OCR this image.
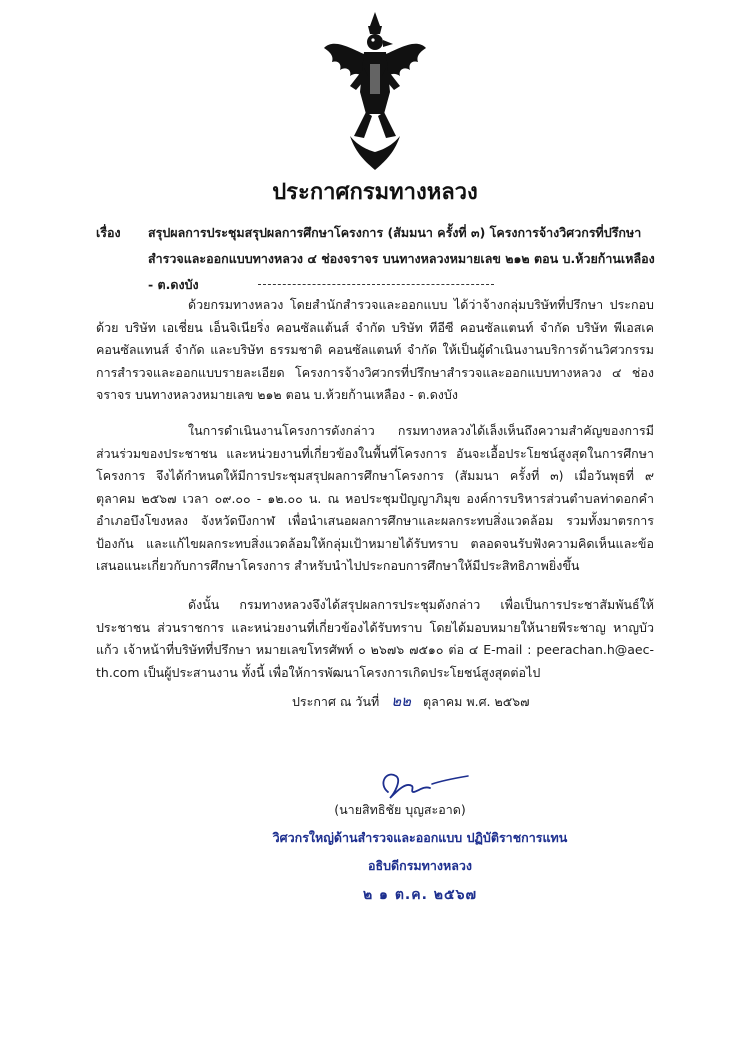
ประกาศกรมทางหลวง
เรื่อง	สรุปผลการประชุมสรุปผลการศึกษาโครงการ (สัมมนา ครั้งที่ ๓) โครงการจ้างวิศวกรที่ปรึกษาสำรวจและออกแบบทางหลวง ๔ ช่องจราจร บนทางหลวงหมายเลข ๒๑๒ ตอน บ.ห้วยก้านเหลือง - ต.ดงบัง

ด้วยกรมทางหลวง โดยสำนักสำรวจและออกแบบ ได้ว่าจ้างกลุ่มบริษัทที่ปรึกษา ประกอบด้วย บริษัท เอเชี่ยน เอ็นจิเนียริ่ง คอนซัลแต้นส์ จำกัด บริษัท ทีอีซี คอนซัลแตนท์ จำกัด บริษัท พีเอสเค คอนซัลแทนส์ จำกัด และบริษัท ธรรมชาติ คอนซัลแตนท์ จำกัด ให้เป็นผู้ดำเนินงานบริการด้านวิศวกรรมการสำรวจและออกแบบรายละเอียด โครงการจ้างวิศวกรที่ปรึกษาสำรวจและออกแบบทางหลวง ๔ ช่องจราจร บนทางหลวงหมายเลข ๒๑๒ ตอน บ.ห้วยก้านเหลือง - ต.ดงบัง

ในการดำเนินงานโครงการดังกล่าว กรมทางหลวงได้เล็งเห็นถึงความสำคัญของการมีส่วนร่วมของประชาชน และหน่วยงานที่เกี่ยวข้องในพื้นที่โครงการ อันจะเอื้อประโยชน์สูงสุดในการศึกษาโครงการ จึงได้กำหนดให้มีการประชุมสรุปผลการศึกษาโครงการ (สัมมนา ครั้งที่ ๓) เมื่อวันพุธที่ ๙ ตุลาคม ๒๕๖๗ เวลา ๐๙.๐๐ - ๑๒.๐๐ น. ณ หอประชุมปัญญาภิมุข องค์การบริหารส่วนตำบลท่าดอกคำ อำเภอบึงโขงหลง จังหวัดบึงกาฬ เพื่อนำเสนอผลการศึกษาและผลกระทบสิ่งแวดล้อม รวมทั้งมาตรการป้องกัน และแก้ไขผลกระทบสิ่งแวดล้อมให้กลุ่มเป้าหมายได้รับทราบ ตลอดจนรับฟังความคิดเห็นและข้อเสนอแนะเกี่ยวกับการศึกษาโครงการ สำหรับนำไปประกอบการศึกษาให้มีประสิทธิภาพยิ่งขึ้น

ดังนั้น กรมทางหลวงจึงได้สรุปผลการประชุมดังกล่าว เพื่อเป็นการประชาสัมพันธ์ให้ประชาชน ส่วนราชการ และหน่วยงานที่เกี่ยวข้องได้รับทราบ โดยได้มอบหมายให้นายพีระชาญ หาญบัวแก้ว เจ้าหน้าที่บริษัทที่ปรึกษา หมายเลขโทรศัพท์ ๐ ๒๖๗๖ ๗๕๑๐ ต่อ ๔ E-mail : peerachan.h@aec-th.com เป็นผู้ประสานงาน ทั้งนี้ เพื่อให้การพัฒนาโครงการเกิดประโยชน์สูงสุดต่อไป

ประกาศ ณ วันที่ ๒๒ ตุลาคม พ.ศ. ๒๕๖๗
(นายสิทธิชัย บุญสะอาด)
วิศวกรใหญ่ด้านสำรวจและออกแบบ ปฏิบัติราชการแทน
อธิบดีกรมทางหลวง
๒ ๑ ต.ค. ๒๕๖๗
